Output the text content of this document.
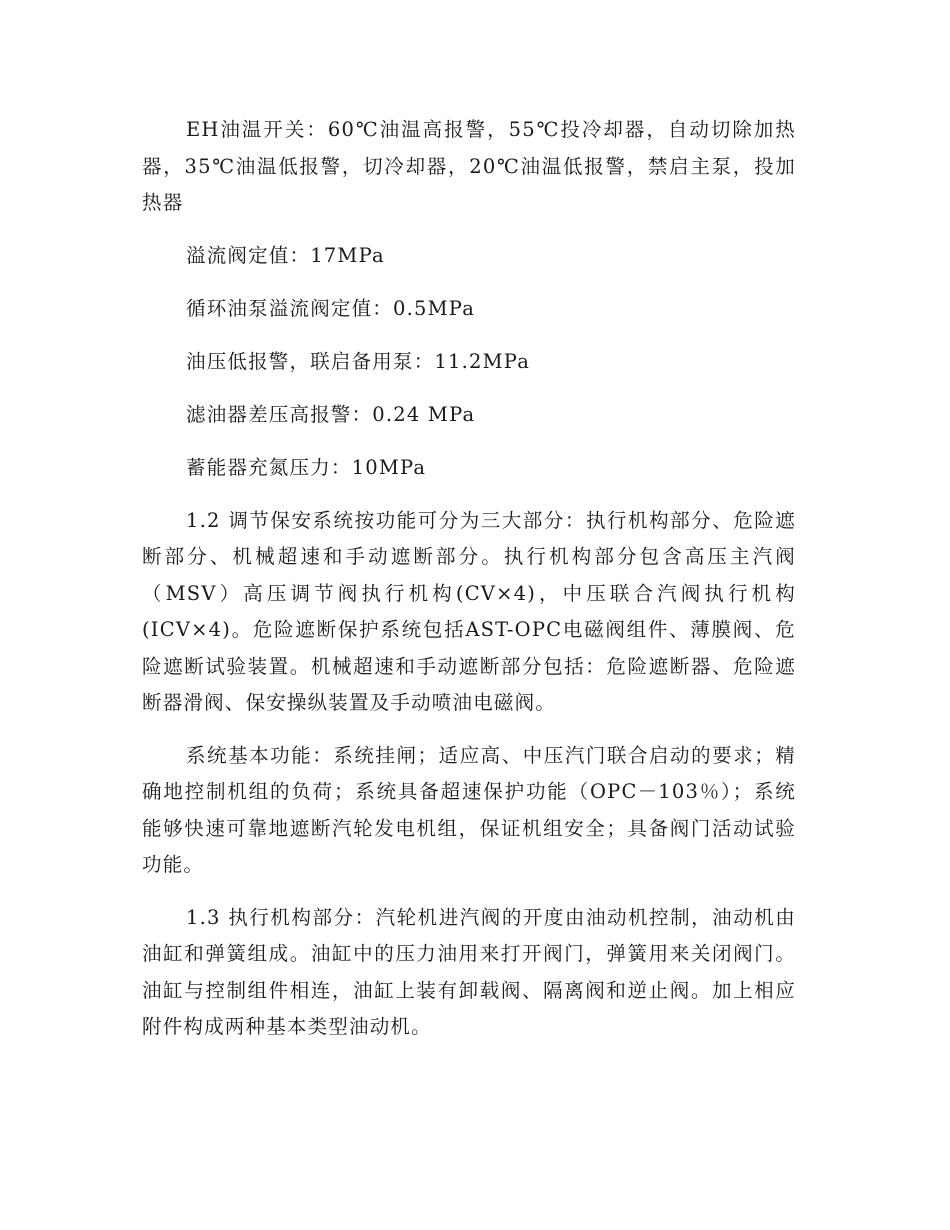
EH油温开关：60℃油温高报警，55℃投冷却器，自动切除加热器，35℃油温低报警，切冷却器，20℃油温低报警，禁启主泵，投加热器

溢流阀定值：17MPa

循环油泵溢流阀定值：0.5MPa

油压低报警，联启备用泵：11.2MPa

滤油器差压高报警：0.24 MPa

蓄能器充氮压力：10MPa

1.2 调节保安系统按功能可分为三大部分：执行机构部分、危险遮断部分、机械超速和手动遮断部分。执行机构部分包含高压主汽阀（MSV）高压调节阀执行机构(CV×4)，中压联合汽阀执行机构(ICV×4)。危险遮断保护系统包括AST-OPC电磁阀组件、薄膜阀、危险遮断试验装置。机械超速和手动遮断部分包括：危险遮断器、危险遮断器滑阀、保安操纵装置及手动喷油电磁阀。

系统基本功能：系统挂闸；适应高、中压汽门联合启动的要求；精确地控制机组的负荷；系统具备超速保护功能（OPC－103％）；系统能够快速可靠地遮断汽轮发电机组，保证机组安全；具备阀门活动试验功能。

1.3 执行机构部分：汽轮机进汽阀的开度由油动机控制，油动机由油缸和弹簧组成。油缸中的压力油用来打开阀门，弹簧用来关闭阀门。油缸与控制组件相连，油缸上装有卸载阀、隔离阀和逆止阀。加上相应附件构成两种基本类型油动机。
